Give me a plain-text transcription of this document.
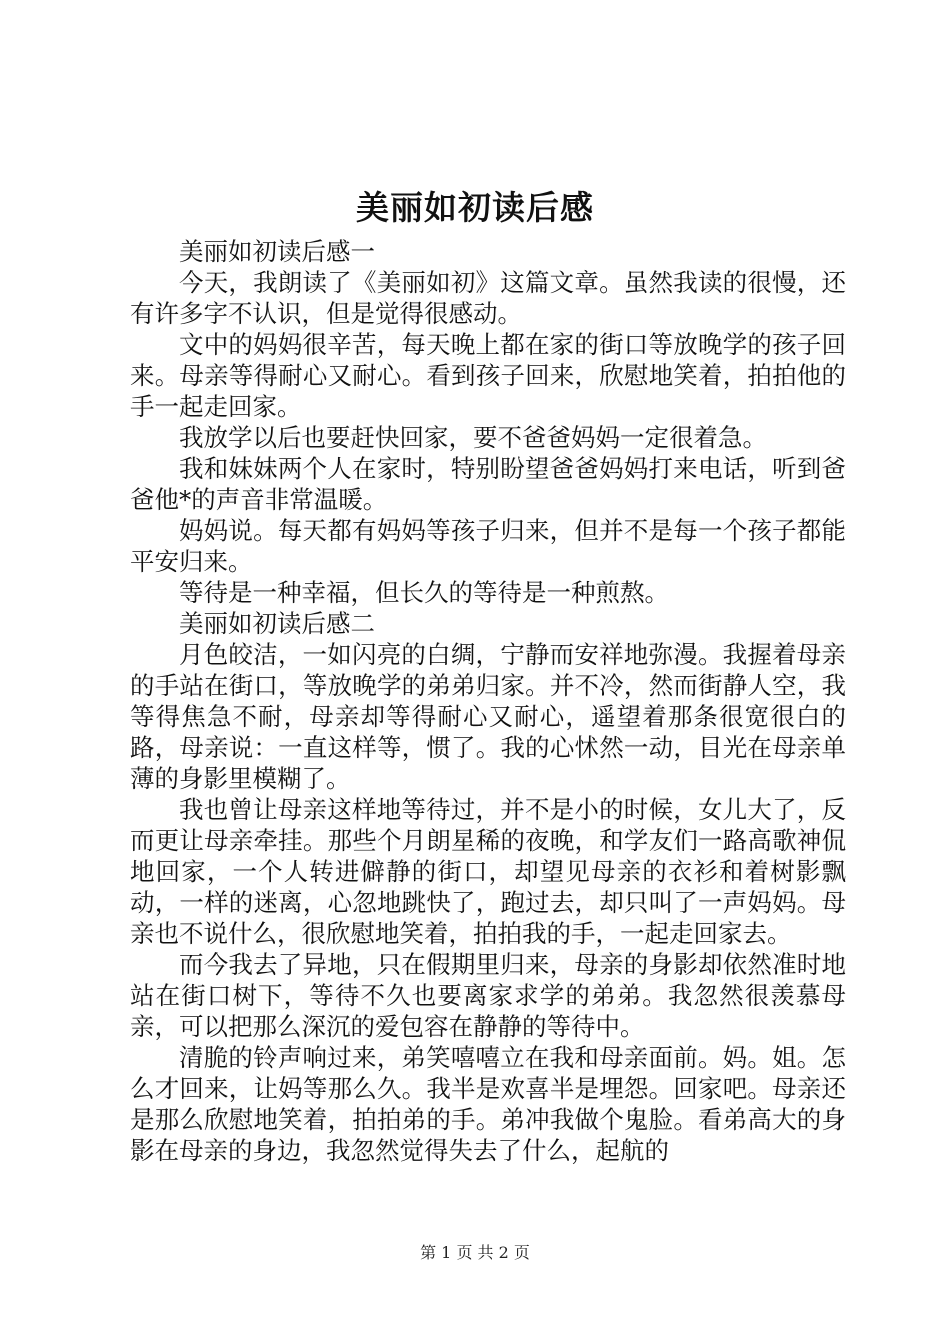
美丽如初读后感

美丽如初读后感一

今天，我朗读了《美丽如初》这篇文章。虽然我读的很慢，还有许多字不认识，但是觉得很感动。

文中的妈妈很辛苦，每天晚上都在家的街口等放晚学的孩子回来。母亲等得耐心又耐心。看到孩子回来，欣慰地笑着，拍拍他的手一起走回家。

我放学以后也要赶快回家，要不爸爸妈妈一定很着急。

我和妹妹两个人在家时，特别盼望爸爸妈妈打来电话，听到爸爸他*的声音非常温暖。

妈妈说。每天都有妈妈等孩子归来，但并不是每一个孩子都能平安归来。

等待是一种幸福，但长久的等待是一种煎熬。

美丽如初读后感二

月色皎洁，一如闪亮的白绸，宁静而安祥地弥漫。我握着母亲的手站在街口，等放晚学的弟弟归家。并不冷，然而街静人空，我等得焦急不耐，母亲却等得耐心又耐心，遥望着那条很宽很白的路，母亲说：一直这样等，惯了。我的心怵然一动，目光在母亲单薄的身影里模糊了。

我也曾让母亲这样地等待过，并不是小的时候，女儿大了，反而更让母亲牵挂。那些个月朗星稀的夜晚，和学友们一路高歌神侃地回家，一个人转进僻静的街口，却望见母亲的衣衫和着树影飘动，一样的迷离，心忽地跳快了，跑过去，却只叫了一声妈妈。母亲也不说什么，很欣慰地笑着，拍拍我的手，一起走回家去。

而今我去了异地，只在假期里归来，母亲的身影却依然准时地站在街口树下，等待不久也要离家求学的弟弟。我忽然很羡慕母亲，可以把那么深沉的爱包容在静静的等待中。

清脆的铃声响过来，弟笑嘻嘻立在我和母亲面前。妈。姐。怎么才回来，让妈等那么久。我半是欢喜半是埋怨。回家吧。母亲还是那么欣慰地笑着，拍拍弟的手。弟冲我做个鬼脸。看弟高大的身影在母亲的身边，我忽然觉得失去了什么，起航的

第 1 页 共 2 页
